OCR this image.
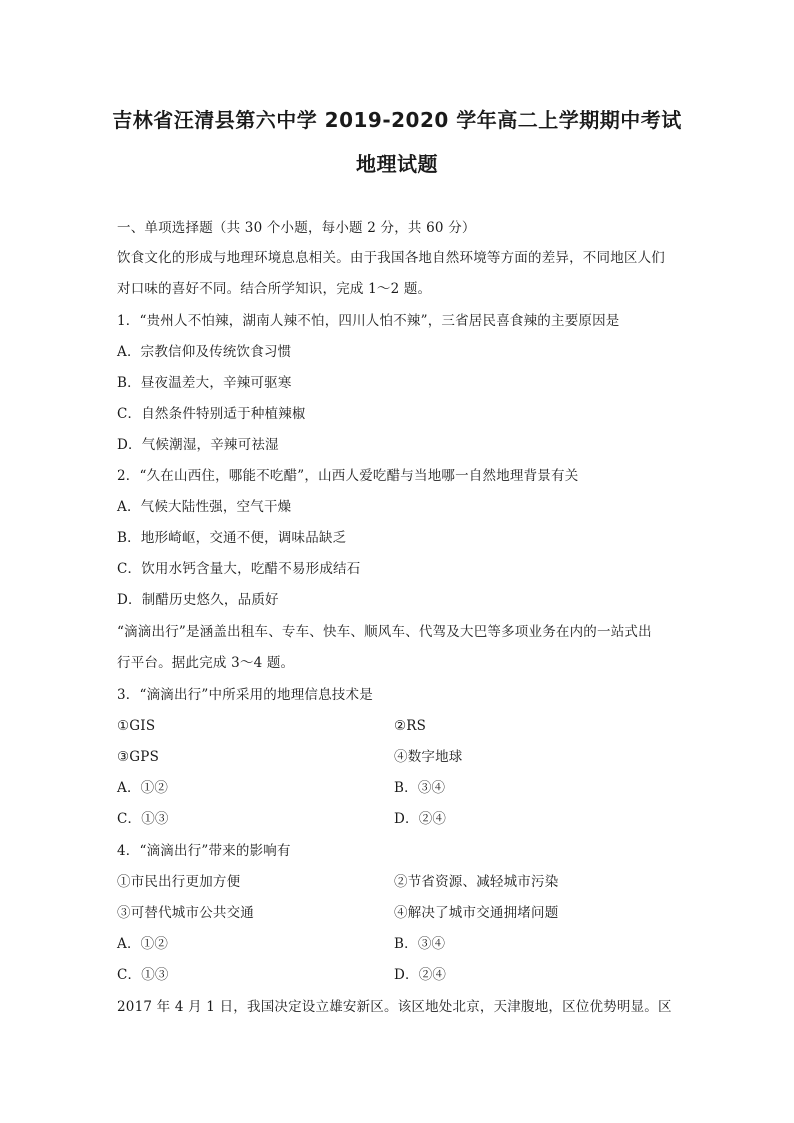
吉林省汪清县第六中学 2019-2020 学年高二上学期期中考试
地理试题
一、单项选择题（共 30 个小题，每小题 2 分，共 60 分）
饮食文化的形成与地理环境息息相关。由于我国各地自然环境等方面的差异，不同地区人们
对口味的喜好不同。结合所学知识，完成 1～2 题。
1．“贵州人不怕辣，湖南人辣不怕，四川人怕不辣”，三省居民喜食辣的主要原因是
A．宗教信仰及传统饮食习惯
B．昼夜温差大，辛辣可驱寒
C．自然条件特别适于种植辣椒
D．气候潮湿，辛辣可祛湿
2．“久在山西住，哪能不吃醋”，山西人爱吃醋与当地哪一自然地理背景有关
A．气候大陆性强，空气干燥
B．地形崎岖，交通不便，调味品缺乏
C．饮用水钙含量大，吃醋不易形成结石
D．制醋历史悠久，品质好
“滴滴出行”是涵盖出租车、专车、快车、顺风车、代驾及大巴等多项业务在内的一站式出
行平台。据此完成 3～4 题。
3．“滴滴出行”中所采用的地理信息技术是
①GIS	②RS
③GPS	④数字地球
A．①②	B．③④
C．①③	D．②④
4．“滴滴出行”带来的影响有
①市民出行更加方便	②节省资源、减轻城市污染
③可替代城市公共交通	④解决了城市交通拥堵问题
A．①②	B．③④
C．①③	D．②④
2017 年 4 月 1 日，我国决定设立雄安新区。该区地处北京，天津腹地，区位优势明显。区
